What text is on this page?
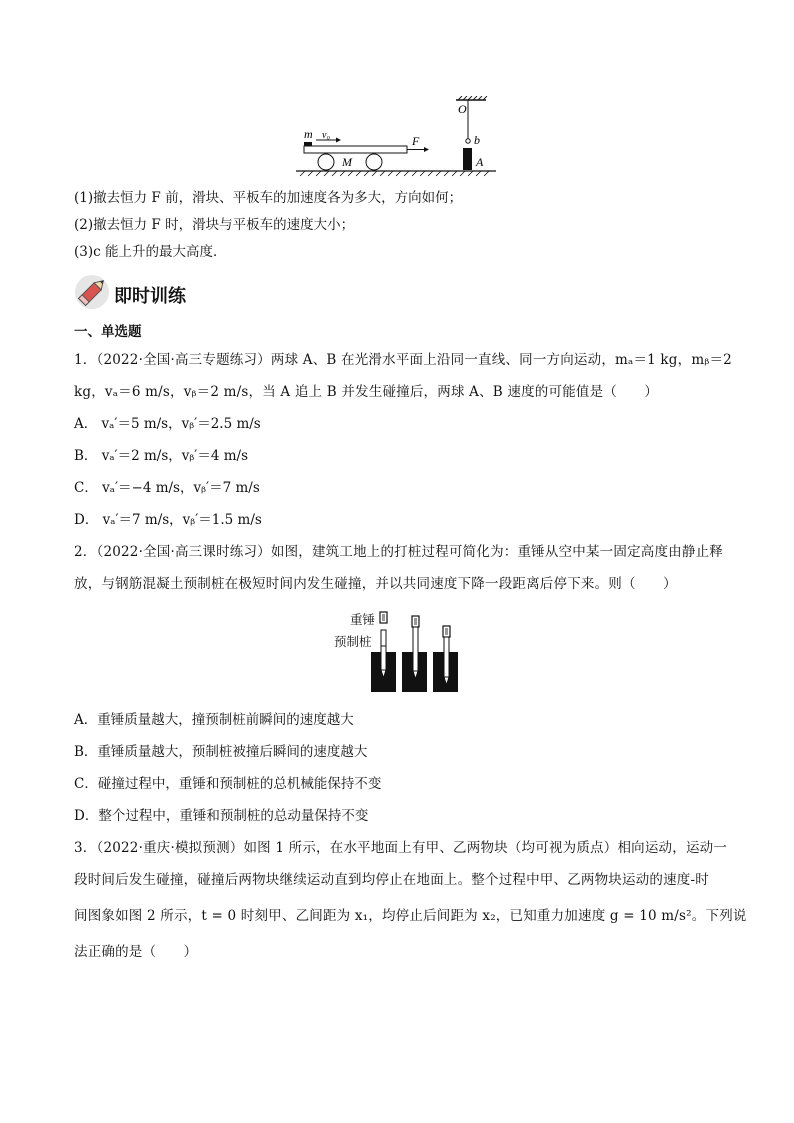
O
b
A
M
m v₀	F
(1)撤去恒力 F 前，滑块、平板车的加速度各为多大，方向如何；
(2)撤去恒力 F 时，滑块与平板车的速度大小；
(3)c 能上升的最大高度．
即时训练
一、单选题
1．（2022·全国·高三专题练习）两球 A、B 在光滑水平面上沿同一直线、同一方向运动，mₐ＝1 kg，mᵦ＝2
kg，vₐ＝6 m/s，vᵦ＝2 m/s，当 A 追上 B 并发生碰撞后，两球 A、B 速度的可能值是（　　）
A． vₐ′＝5 m/s，vᵦ′＝2.5 m/s
B． vₐ′＝2 m/s，vᵦ′＝4 m/s
C． vₐ′＝−4 m/s，vᵦ′＝7 m/s
D． vₐ′＝7 m/s，vᵦ′＝1.5 m/s
2．（2022·全国·高三课时练习）如图，建筑工地上的打桩过程可简化为：重锤从空中某一固定高度由静止释
放，与钢筋混凝土预制桩在极短时间内发生碰撞，并以共同速度下降一段距离后停下来。则（　　）
重锤
预制桩
A．重锤质量越大，撞预制桩前瞬间的速度越大
B．重锤质量越大，预制桩被撞后瞬间的速度越大
C．碰撞过程中，重锤和预制桩的总机械能保持不变
D．整个过程中，重锤和预制桩的总动量保持不变
3．（2022·重庆·模拟预测）如图 1 所示，在水平地面上有甲、乙两物块（均可视为质点）相向运动，运动一
段时间后发生碰撞，碰撞后两物块继续运动直到均停止在地面上。整个过程中甲、乙两物块运动的速度-时
间图象如图 2 所示，t = 0 时刻甲、乙间距为 x₁，均停止后间距为 x₂，已知重力加速度 g = 10 m/s²。下列说
法正确的是（　　）
